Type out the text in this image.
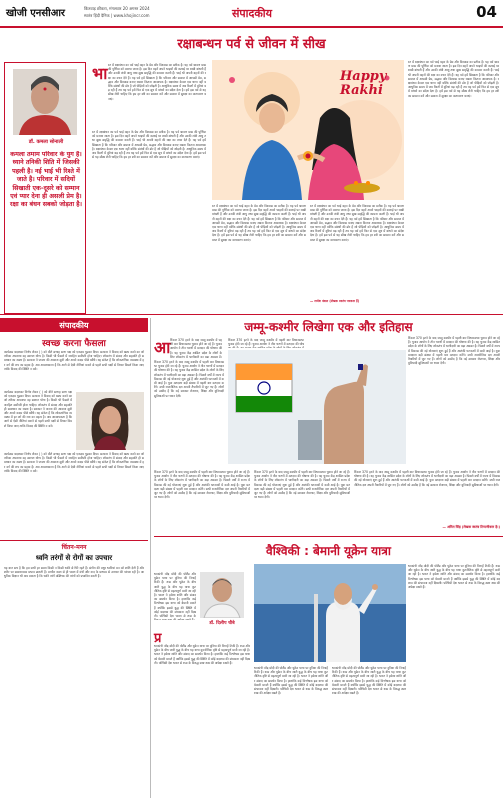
खोजी एनसीआर	किंतवाड़ छीकरा, मंगलवार 20 अगस्त 2024
स्वतंत्र हिंदी दैनिक | www.khojincr.com	संपादकीय	04
रक्षाबन्धन पर्व से जीवन में सीख
डॉ. कमला सोनाली
कमला तमाम परिवार के युग है। ध्याने तनिकी शिति में जिसकी पहली है। नई भाई भी रिश्ते में जाते है। परिवार में सदियों सिखाती एक-दूसरे को सम्मान एवं प्यार देना ही असली प्रेम है। रक्षा का बंधन सबको जोड़ता है।
भा रत में रक्षाबंधन का पर्व भाई बहन के प्रेम और विश्वास का प्रतीक है। यह पर्व श्रावण मास की पूर्णिमा को मनाया जाता है। इस दिन बहनें अपने भाइयों की कलाई पर राखी बांधती हैं और उनकी लंबी आयु तथा सुख समृद्धि की कामना करती हैं। भाई भी अपनी बहनों की रक्षा का वचन देते हैं। यह पर्व हमें सिखाता है कि परिवार और समाज में आपसी प्रेम, सद्भाव और विश्वास बनाए रखना कितना आवश्यक है। रक्षाबंधन केवल एक धागा नहीं बल्कि संबंधों की डोर है जो पीढ़ियों को जोड़ती है। आधुनिक समय में जब रिश्तों में दूरियां बढ़ रही हैं तब यह पर्व हमें फिर से एक सूत्र में बांधने का संदेश देता है। हमें इस पर्व से यह सीख लेनी चाहिए कि हम हर स्त्री का सम्मान करें और समाज में सुरक्षा का वातावरण बनाएं।
रत में रक्षाबंधन का पर्व भाई बहन के प्रेम और विश्वास का प्रतीक है। यह पर्व श्रावण मास की पूर्णिमा को मनाया जाता है। इस दिन बहनें अपने भाइयों की कलाई पर राखी बांधती हैं और उनकी लंबी आयु तथा सुख समृद्धि की कामना करती हैं। भाई भी अपनी बहनों की रक्षा का वचन देते हैं। यह पर्व हमें सिखाता है कि परिवार और समाज में आपसी प्रेम, सद्भाव और विश्वास बनाए रखना कितना आवश्यक है। रक्षाबंधन केवल एक धागा नहीं बल्कि संबंधों की डोर है जो पीढ़ियों को जोड़ती है। आधुनिक समय में जब रिश्तों में दूरियां बढ़ रही हैं तब यह पर्व हमें फिर से एक सूत्र में बांधने का संदेश देता है। हमें इस पर्व से यह सीख लेनी चाहिए कि हम हर स्त्री का सम्मान करें और समाज में सुरक्षा का वातावरण बनाएं।
Happy Rakhi
रत में रक्षाबंधन का पर्व भाई बहन के प्रेम और विश्वास का प्रतीक है। यह पर्व श्रावण मास की पूर्णिमा को मनाया जाता है। इस दिन बहनें अपने भाइयों की कलाई पर राखी बांधती हैं और उनकी लंबी आयु तथा सुख समृद्धि की कामना करती हैं। भाई भी अपनी बहनों की रक्षा का वचन देते हैं। यह पर्व हमें सिखाता है कि परिवार और समाज में आपसी प्रेम, सद्भाव और विश्वास बनाए रखना कितना आवश्यक है। रक्षाबंधन केवल एक धागा नहीं बल्कि संबंधों की डोर है जो पीढ़ियों को जोड़ती है। आधुनिक समय में जब रिश्तों में दूरियां बढ़ रही हैं तब यह पर्व हमें फिर से एक सूत्र में बांधने का संदेश देता है। हमें इस पर्व से यह सीख लेनी चाहिए कि हम हर स्त्री का सम्मान करें और समाज में सुरक्षा का वातावरण बनाएं।
रत में रक्षाबंधन का पर्व भाई बहन के प्रेम और विश्वास का प्रतीक है। यह पर्व श्रावण मास की पूर्णिमा को मनाया जाता है। इस दिन बहनें अपने भाइयों की कलाई पर राखी बांधती हैं और उनकी लंबी आयु तथा सुख समृद्धि की कामना करती हैं। भाई भी अपनी बहनों की रक्षा का वचन देते हैं। यह पर्व हमें सिखाता है कि परिवार और समाज में आपसी प्रेम, सद्भाव और विश्वास बनाए रखना कितना आवश्यक है। रक्षाबंधन केवल एक धागा नहीं बल्कि संबंधों की डोर है जो पीढ़ियों को जोड़ती है। आधुनिक समय में जब रिश्तों में दूरियां बढ़ रही हैं तब यह पर्व हमें फिर से एक सूत्र में बांधने का संदेश देता है। हमें इस पर्व से यह सीख लेनी चाहिए कि हम हर स्त्री का सम्मान करें और समाज में सुरक्षा का वातावरण बनाएं।
रत में रक्षाबंधन का पर्व भाई बहन के प्रेम और विश्वास का प्रतीक है। यह पर्व श्रावण मास की पूर्णिमा को मनाया जाता है। इस दिन बहनें अपने भाइयों की कलाई पर राखी बांधती हैं और उनकी लंबी आयु तथा सुख समृद्धि की कामना करती हैं। भाई भी अपनी बहनों की रक्षा का वचन देते हैं। यह पर्व हमें सिखाता है कि परिवार और समाज में आपसी प्रेम, सद्भाव और विश्वास बनाए रखना कितना आवश्यक है। रक्षाबंधन केवल एक धागा नहीं बल्कि संबंधों की डोर है जो पीढ़ियों को जोड़ती है। आधुनिक समय में जब रिश्तों में दूरियां बढ़ रही हैं तब यह पर्व हमें फिर से एक सूत्र में बांधने का संदेश देता है। हमें इस पर्व से यह सीख लेनी चाहिए कि हम हर स्त्री का सम्मान करें और समाज में सुरक्षा का वातावरण बनाएं।
— राजेश बंसल (लेखक स्वतंत्र पत्रकार हैं)
संपादकीय
स्वच्छ करना फैसला
कार्यक्रम बदलकर निर्णय लेकर ( ) को बीते सत्ताह सत्ता पक्ष को एकदम घुड़का दिया। सरकार ने विवाद को खत्म करने का जो तरीका अपनाया वह स्वागत योग्य है। किसी भी फैसले में जनहित सर्वोपरि होना चाहिए। लोकतंत्र में संवाद और सहमति ही समाधान का रास्ता है। सरकार ने जनता की आवाज सुनी और अपने कदम पीछे खींचे। यह संकेत है कि लोकतांत्रिक व्यवस्था में हर वर्ग की राय का महत्व है। अब आवश्यकता है कि आगे से ऐसी नीतियां बनाने से पहले सभी पक्षों से विचार विमर्श किया जाए ताकि विवाद की स्थिति न बने।
कार्यक्रम बदलकर निर्णय लेकर ( ) को बीते सत्ताह सत्ता पक्ष को एकदम घुड़का दिया। सरकार ने विवाद को खत्म करने का जो तरीका अपनाया वह स्वागत योग्य है। किसी भी फैसले में जनहित सर्वोपरि होना चाहिए। लोकतंत्र में संवाद और सहमति ही समाधान का रास्ता है। सरकार ने जनता की आवाज सुनी और अपने कदम पीछे खींचे। यह संकेत है कि लोकतांत्रिक व्यवस्था में हर वर्ग की राय का महत्व है। अब आवश्यकता है कि आगे से ऐसी नीतियां बनाने से पहले सभी पक्षों से विचार विमर्श किया जाए ताकि विवाद की स्थिति न बने।
कार्यक्रम बदलकर निर्णय लेकर ( ) को बीते सत्ताह सत्ता पक्ष को एकदम घुड़का दिया। सरकार ने विवाद को खत्म करने का जो तरीका अपनाया वह स्वागत योग्य है। किसी भी फैसले में जनहित सर्वोपरि होना चाहिए। लोकतंत्र में संवाद और सहमति ही समाधान का रास्ता है। सरकार ने जनता की आवाज सुनी और अपने कदम पीछे खींचे। यह संकेत है कि लोकतांत्रिक व्यवस्था में हर वर्ग की राय का महत्व है। अब आवश्यकता है कि आगे से ऐसी नीतियां बनाने से पहले सभी पक्षों से विचार विमर्श किया जाए ताकि विवाद की स्थिति न बने।
चिंतन-मनन
ध्वनि तरंगों से रोगों का उपचार
यह बात सच है कि हम सभी हर समय किसी न किसी ध्वनि से घिरे रहते हैं। संगीत की मधुर ध्वनियां मन को शांति देती हैं और शरीर पर सकारात्मक प्रभाव डालती हैं। प्राचीन काल से ही भारत में मंत्रों और नाद के माध्यम से उपचार की परंपरा रही है। आधुनिक विज्ञान भी अब मानता है कि ध्वनि तरंगें मस्तिष्क की तरंगों को प्रभावित करती हैं।
जम्मू-कश्मीर लिखेगा एक और इतिहास
आ र्टिकल 370 हटने के बाद जम्मू कश्मीर में पहली बार विधानसभा चुनाव होने जा रहे हैं। चुनाव आयोग ने तीन चरणों में मतदान की घोषणा की है। यह चुनाव केंद्र शासित प्रदेश के लोगों के लिए लोकतंत्र में भागीदारी का बड़ा अवसर है।
र्टिकल 370 हटने के बाद जम्मू कश्मीर में पहली बार विधानसभा चुनाव होने जा रहे हैं। चुनाव आयोग ने तीन चरणों में मतदान की घोषणा की है। यह चुनाव केंद्र शासित प्रदेश के लोगों के लिए लोकतंत्र में भागीदारी का बड़ा अवसर है। पिछले वर्षों में राज्य में विकास की नई योजनाएं शुरू हुई हैं और आतंकी घटनाओं में कमी आई है। युवा मतदाता बड़ी संख्या में पहली बार मतदान करेंगे। सभी राजनीतिक दल अपनी तैयारियों में जुट गए हैं। लोगों को उम्मीद है कि नई सरकार रोजगार, शिक्षा और बुनियादी सुविधाओं पर ध्यान देगी।
र्टिकल 370 हटने के बाद जम्मू कश्मीर में पहली बार विधानसभा चुनाव होने जा रहे हैं। चुनाव आयोग ने तीन चरणों में मतदान की घोष
र्टिकल 370 हटने के बाद जम्मू कश्मीर में पहली बार विधानसभा चुनाव होने जा रहे हैं। चुनाव आयोग ने तीन चरणों में मतदान की घोषणा की है। यह चुनाव केंद्र शासित प्रदेश के लोगों के लिए लोकतंत्र में भागीदारी का बड़ा अवसर है। पिछले वर्षों में राज्य में विकास की नई योजनाएं शुरू हुई हैं और आतंकी घटनाओं में कमी आई है। युवा मतदाता बड़ी संख्या में पहली बार मतदान करेंगे। सभी राजनीतिक दल अपनी तैयारियों में जुट गए हैं। लोगों को उम्मीद है कि नई सरकार रोजगार, शिक्षा और बुनियादी सुविधाओं पर ध्यान देगी।
र्टिकल 370 हटने के बाद जम्मू कश्मीर में पहली बार विधानसभा चुनाव होने जा रहे हैं। चुनाव आयोग ने तीन चरणों में मतदान की घोषणा की है। यह चुनाव केंद्र शासित प्रदेश के लोगों के लिए लोकतंत्र में भागीदारी का बड़ा अवसर है। पिछले वर्षों में राज्य में विकास की नई योजनाएं शुरू हुई हैं और आतंकी घटनाओं में कमी आई है। युवा मतदाता बड़ी संख्या में पहली बार मतदान करेंगे। सभी राजनीतिक दल अपनी तैयारियों में जुट गए हैं। लोगों को उम्मीद है कि नई सरकार रोजगार, शिक्षा और बुनियादी सुविधाओं पर ध्यान देगी।
र्टिकल 370 हटने के बाद जम्मू कश्मीर में पहली बार विधानसभा चुनाव होने जा रहे हैं। चुनाव आयोग ने तीन चरणों में मतदान की घोषणा की है। यह चुनाव केंद्र शासित प्रदेश के लोगों के लिए लोकतंत्र में भागीदारी का बड़ा अवसर है। पिछले वर्षों में राज्य में विकास की नई योजनाएं शुरू हुई हैं और आतंकी घटनाओं में कमी आई है। युवा मतदाता बड़ी संख्या में पहली बार मतदान करेंगे। सभी राजनीतिक दल अपनी तैयारियों में जुट गए हैं। लोगों को उम्मीद है कि नई सरकार रोजगार, शिक्षा और बुनियादी सुविधाओं पर ध्यान देगी।
र्टिकल 370 हटने के बाद जम्मू कश्मीर में पहली बार विधानसभा चुनाव होने जा रहे हैं। चुनाव आयोग ने तीन चरणों में मतदान की घोषणा की है। यह चुनाव केंद्र शासित प्रदेश के लोगों के लिए लोकतंत्र में भागीदारी का बड़ा अवसर है। पिछले वर्षों में राज्य में विकास की नई योजनाएं शुरू हुई हैं और आतंकी घटनाओं में कमी आई है। युवा मतदाता बड़ी संख्या में पहली बार मतदान करेंगे। सभी राजनीतिक दल अपनी तैयारियों में जुट गए हैं। लोगों को उम्मीद है कि नई सरकार रोजगार, शिक्षा और बुनियादी सुविधाओं पर ध्यान देगी।
— अमित सिंह (लेखक स्वतंत्र टिप्पणीकार है।)
वैश्विकी : बेमानी यूक्रेन यात्रा
डॉ. दिलीप चौबे
धानमंत्री नरेंद्र मोदी की पोलैंड और यूक्रेन यात्रा पर दुनिया की निगाहें टिकी हैं। रूस और यूक्रेन के बीच जारी युद्ध के बीच यह यात्रा कूटनीतिक दृष्टि से महत्वपूर्ण मानी जा रही है। भारत ने हमेशा शांति और संवाद का समर्थन किया है। हालांकि कई विश्लेषक इस यात्रा को बेमानी मानते हैं क्योंकि इससे युद्ध की स्थिति में कोई बदलाव की संभावना नहीं दिखती। पश्चिमी देश भारत से रूस के
प्र
धानमंत्री नरेंद्र मोदी की पोलैंड और यूक्रेन यात्रा पर दुनिया की निगाहें टिकी हैं। रूस और यूक्रेन के बीच जारी युद्ध के बीच यह यात्रा कूटनीतिक दृष्टि से महत्वपूर्ण मानी जा रही है। भारत ने हमेशा शांति और संवाद का समर्थन किया है। हालांकि कई विश्लेषक इस यात्रा को बेमानी मानते हैं क्योंकि इससे युद्ध की स्थिति में कोई बदलाव की संभावना नहीं दिखती। पश्चिमी देश भारत से रूस के विरुद्ध स्पष्ट रुख की अपेक्षा रखते हैं।
धानमंत्री नरेंद्र मोदी की पोलैंड और यूक्रेन यात्रा पर दुनिया की निगाहें टिकी हैं। रूस और यूक्रेन के बीच जारी युद्ध के बीच यह यात्रा कूटनीतिक दृष्टि से महत्वपूर्ण मानी जा रही है। भारत ने हमेशा शांति और संवाद का समर्थन किया है। हालांकि कई विश्लेषक इस यात्रा को बेमानी मानते हैं क्योंकि इससे युद्ध की स्थिति में कोई बदलाव की संभावना नहीं दिखती। पश्चिमी देश भारत से रूस के विरुद्ध स्पष्ट रुख की अपेक्षा रखते हैं।
धानमंत्री नरेंद्र मोदी की पोलैंड और यूक्रेन यात्रा पर दुनिया की निगाहें टिकी हैं। रूस और यूक्रेन के बीच जारी युद्ध के बीच यह यात्रा कूटनीतिक दृष्टि से महत्वपूर्ण मानी जा रही है। भारत ने हमेशा शांति और संवाद का समर्थन किया है। हालांकि कई विश्लेषक इस यात्रा को बेमानी मानते हैं क्योंकि इससे युद्ध की स्थिति में कोई बदलाव की संभावना नहीं दिखती। पश्चिमी देश भारत से रूस के विरुद्ध स्पष्ट रुख की अपेक्षा रखते हैं।
धानमंत्री नरेंद्र मोदी की पोलैंड और यूक्रेन यात्रा पर दुनिया की निगाहें टिकी हैं। रूस और यूक्रेन के बीच जारी युद्ध के बीच यह यात्रा कूटनीतिक दृष्टि से महत्वपूर्ण मानी जा रही है। भारत ने हमेशा शांति और संवाद का समर्थन किया है। हालांकि कई विश्लेषक इस यात्रा को बेमानी मानते हैं क्योंकि इससे युद्ध की स्थिति में कोई बदलाव की संभावना नहीं दिखती। पश्चिमी देश भारत से रूस के विरुद्ध स्पष्ट रुख की अपेक्षा रखते हैं।
